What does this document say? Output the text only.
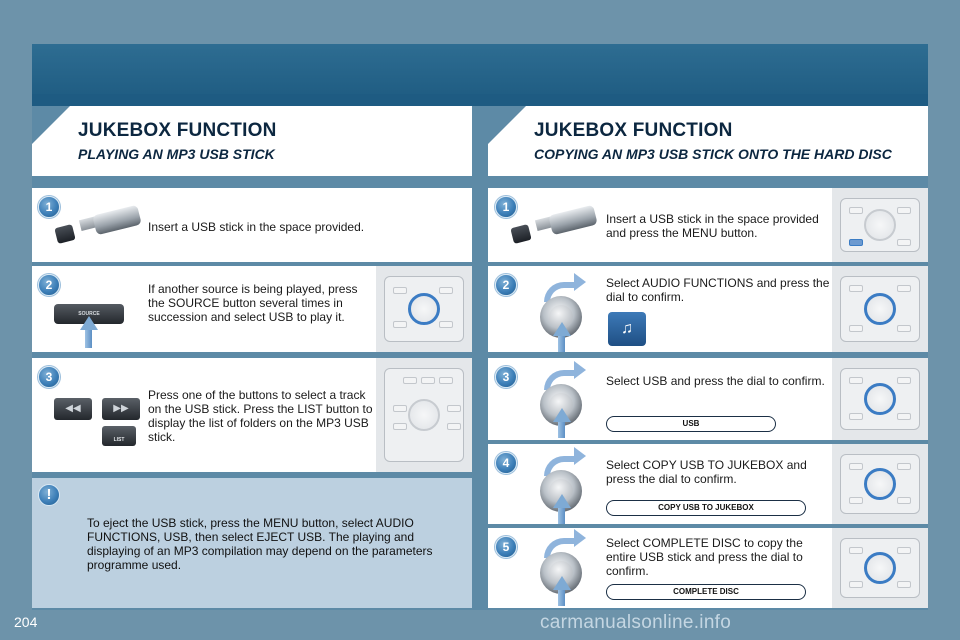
JUKEBOX FUNCTION
PLAYING AN MP3 USB STICK
JUKEBOX FUNCTION
COPYING AN MP3 USB STICK ONTO THE HARD DISC
Insert a USB stick in the space provided.
1
SOURCE
If another source is being played, press the SOURCE button several times in succession and select USB to play it.
2
◀◀	▶▶
LIST
Press one of the buttons to select a track on the USB stick. Press the LIST button to display the list of folders on the MP3 USB stick.
3
To eject the USB stick, press the MENU button, select AUDIO FUNCTIONS, USB, then select EJECT USB. The playing and displaying of an MP3 compilation may depend on the parameters programme used.
!
Insert a USB stick in the space provided and press the MENU button.
1
♫
Select AUDIO FUNCTIONS and press the dial to confirm.
2
Select USB and press the dial to confirm.
USB
3
Select COPY USB TO JUKEBOX and press the dial to confirm.
COPY USB TO JUKEBOX
4
Select COMPLETE DISC to copy the entire USB stick and press the dial to confirm.
COMPLETE DISC
5
204	carmanualsonline.info
